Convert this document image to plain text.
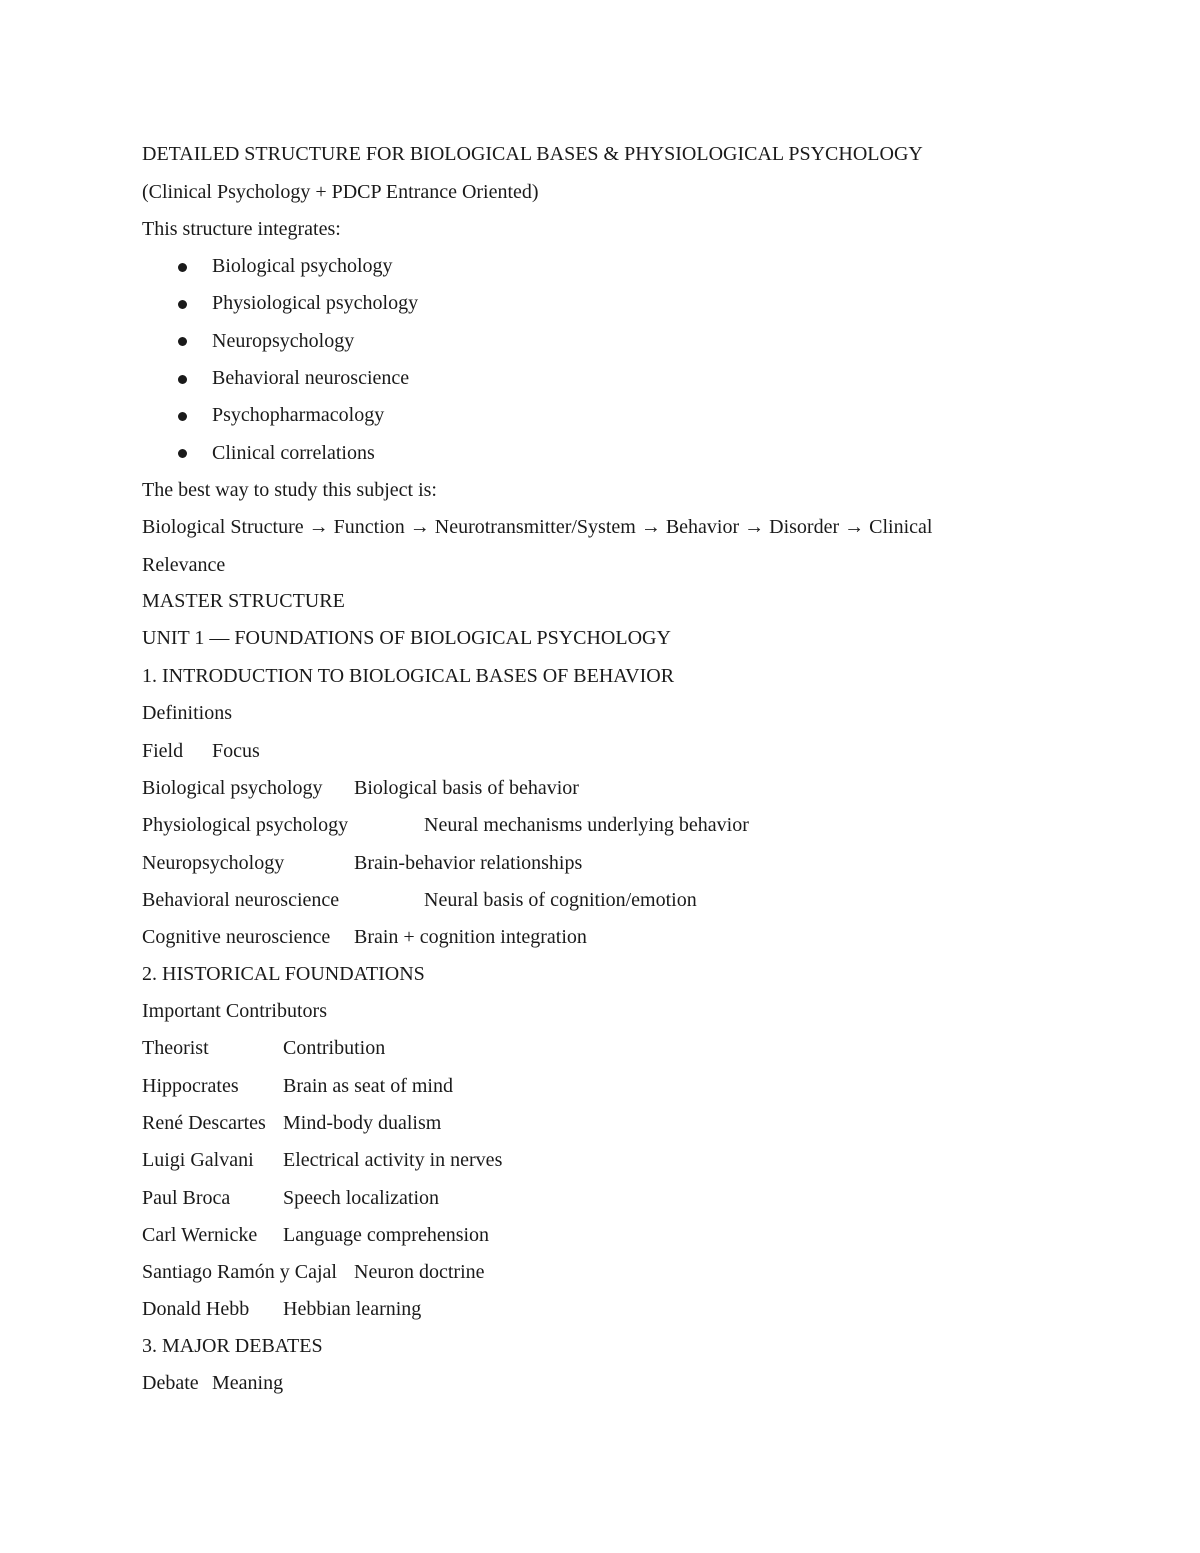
DETAILED STRUCTURE FOR BIOLOGICAL BASES & PHYSIOLOGICAL PSYCHOLOGY
(Clinical Psychology + PDCP Entrance Oriented)
This structure integrates:
Biological psychology
Physiological psychology
Neuropsychology
Behavioral neuroscience
Psychopharmacology
Clinical correlations
The best way to study this subject is:
Biological Structure → Function → Neurotransmitter/System → Behavior → Disorder → Clinical
Relevance
MASTER STRUCTURE
UNIT 1 — FOUNDATIONS OF BIOLOGICAL PSYCHOLOGY
1. INTRODUCTION TO BIOLOGICAL BASES OF BEHAVIOR
Definitions
Field Focus
Biological psychology Biological basis of behavior
Physiological psychology	Neural mechanisms underlying behavior
Neuropsychology	Brain-behavior relationships
Behavioral neuroscience	Neural basis of cognition/emotion
Cognitive neuroscience Brain + cognition integration
2. HISTORICAL FOUNDATIONS
Important Contributors
Theorist	Contribution
Hippocrates Brain as seat of mind
René Descartes Mind-body dualism
Luigi Galvani Electrical activity in nerves
Paul Broca	Speech localization
Carl Wernicke Language comprehension
Santiago Ramón y Cajal Neuron doctrine
Donald Hebb Hebbian learning
3. MAJOR DEBATES
Debate Meaning
